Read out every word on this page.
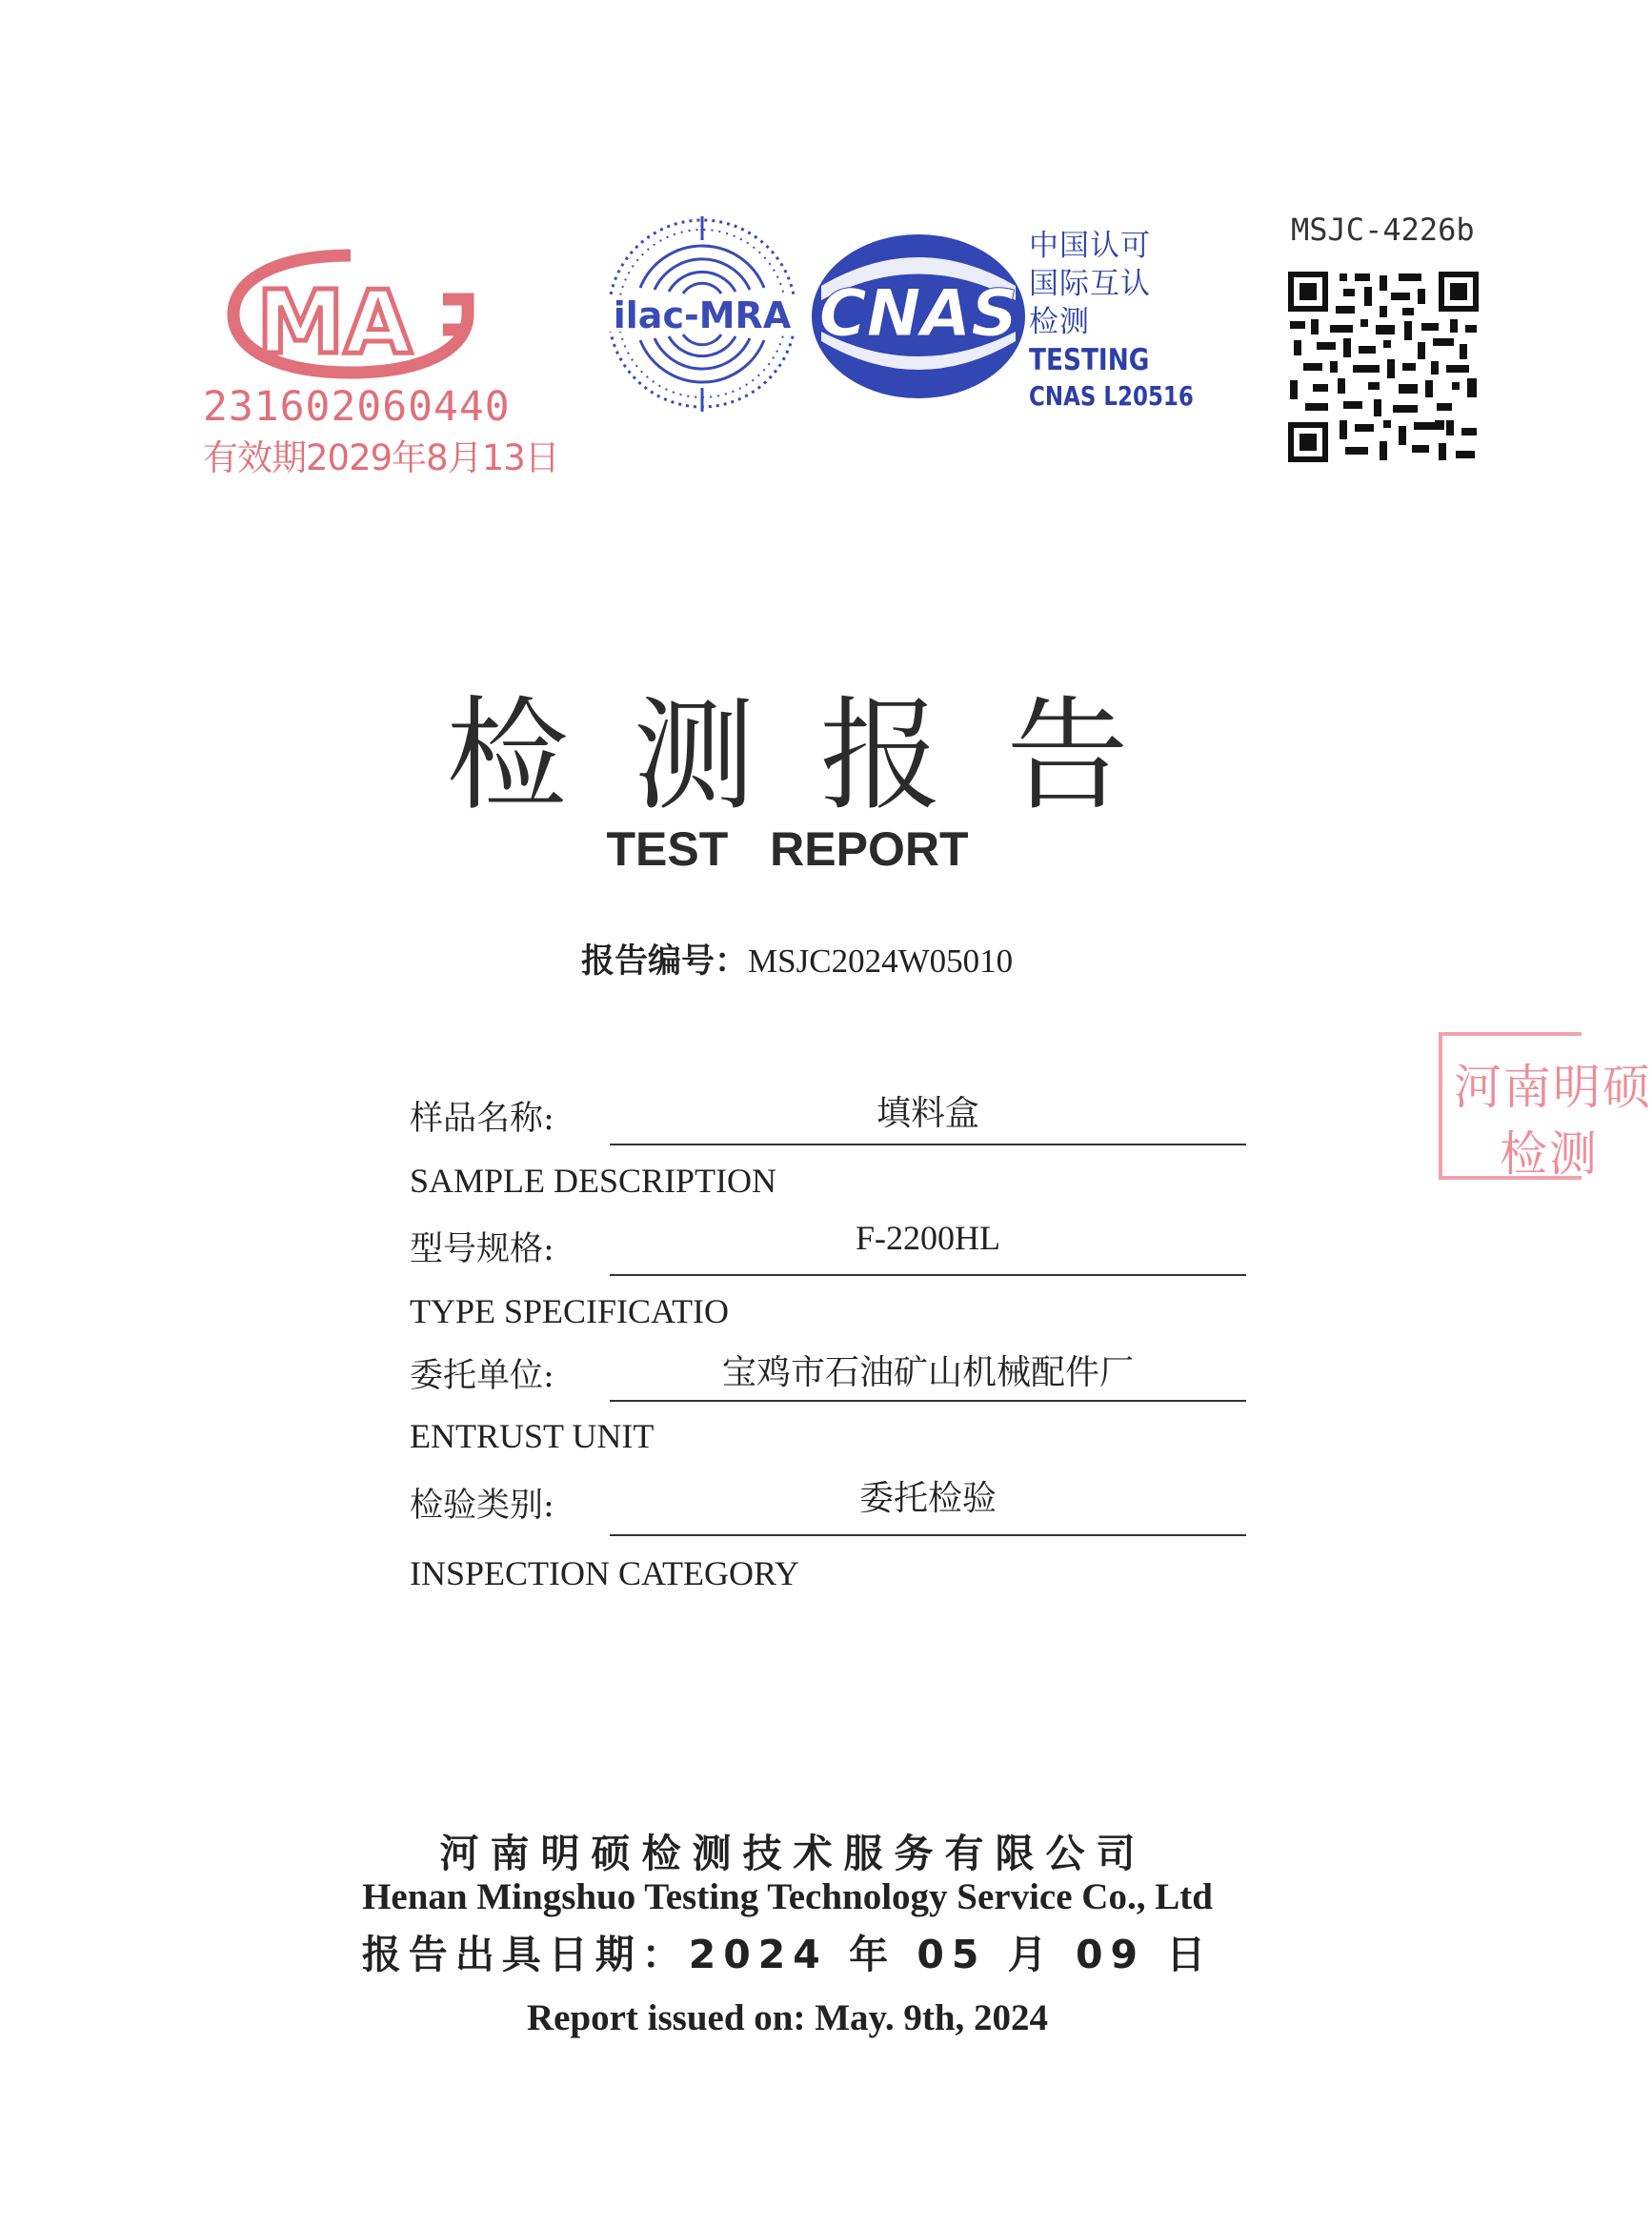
MA
231602060440
有效期2029年8月13日
ilac-MRA CNAS
中国认可
国际互认
检测
TESTING
CNAS L20516
MSJC-4226b
检测报告
TEST REPORT
报告编号：MSJC2024W05010
河南明硕
检测
样品名称:	填料盒
SAMPLE DESCRIPTION
型号规格:	F-2200HL
TYPE SPECIFICATIO
委托单位:	宝鸡市石油矿山机械配件厂
ENTRUST UNIT
检验类别:	委托检验
INSPECTION CATEGORY
河南明硕检测技术服务有限公司
Henan Mingshuo Testing Technology Service Co., Ltd
报告出具日期：2024 年 05 月 09 日
Report issued on: May. 9th, 2024
